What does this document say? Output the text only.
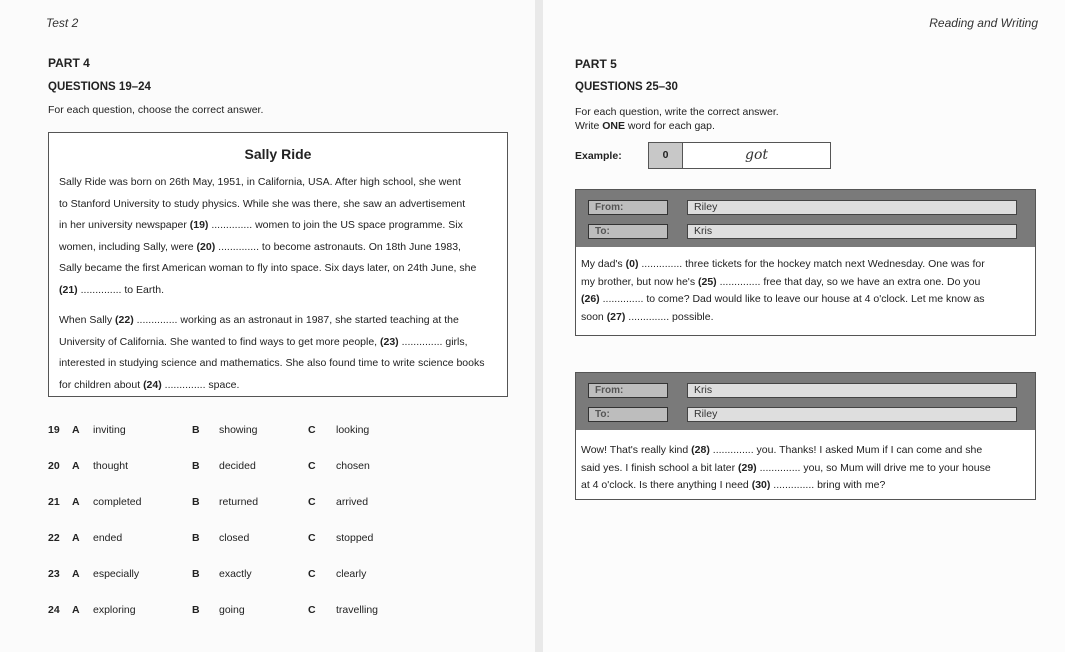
Test 2
PART 4
QUESTIONS 19–24
For each question, choose the correct answer.
Sally Ride

Sally Ride was born on 26th May, 1951, in California, USA. After high school, she went
to Stanford University to study physics. While she was there, she saw an advertisement
in her university newspaper (19) .............. women to join the US space programme. Six
women, including Sally, were (20) .............. to become astronauts. On 18th June 1983,
Sally became the first American woman to fly into space. Six days later, on 24th June, she
(21) .............. to Earth.

When Sally (22) .............. working as an astronaut in 1987, she started teaching at the
University of California. She wanted to find ways to get more people, (23) .............. girls,
interested in studying science and mathematics. She also found time to write science books
for children about (24) .............. space.

19 A inviting	B showing	C looking
20 A thought	B decided	C chosen
21 A completed	B returned	C arrived
22 A ended	B closed	C stopped
23 A especially	B exactly	C clearly
24 A exploring	B going	C travelling
Reading and Writing
PART 5
QUESTIONS 25–30
For each question, write the correct answer.
Write ONE word for each gap.
Example:	0	got
From:	Riley
To:	Kris
My dad's (0) .............. three tickets for the hockey match next Wednesday. One was for
my brother, but now he's (25) .............. free that day, so we have an extra one. Do you
(26) .............. to come? Dad would like to leave our house at 4 o'clock. Let me know as
soon (27) .............. possible.
From:	Kris
To:	Riley
Wow! That's really kind (28) .............. you. Thanks! I asked Mum if I can come and she
said yes. I finish school a bit later (29) .............. you, so Mum will drive me to your house
at 4 o'clock. Is there anything I need (30) .............. bring with me?
